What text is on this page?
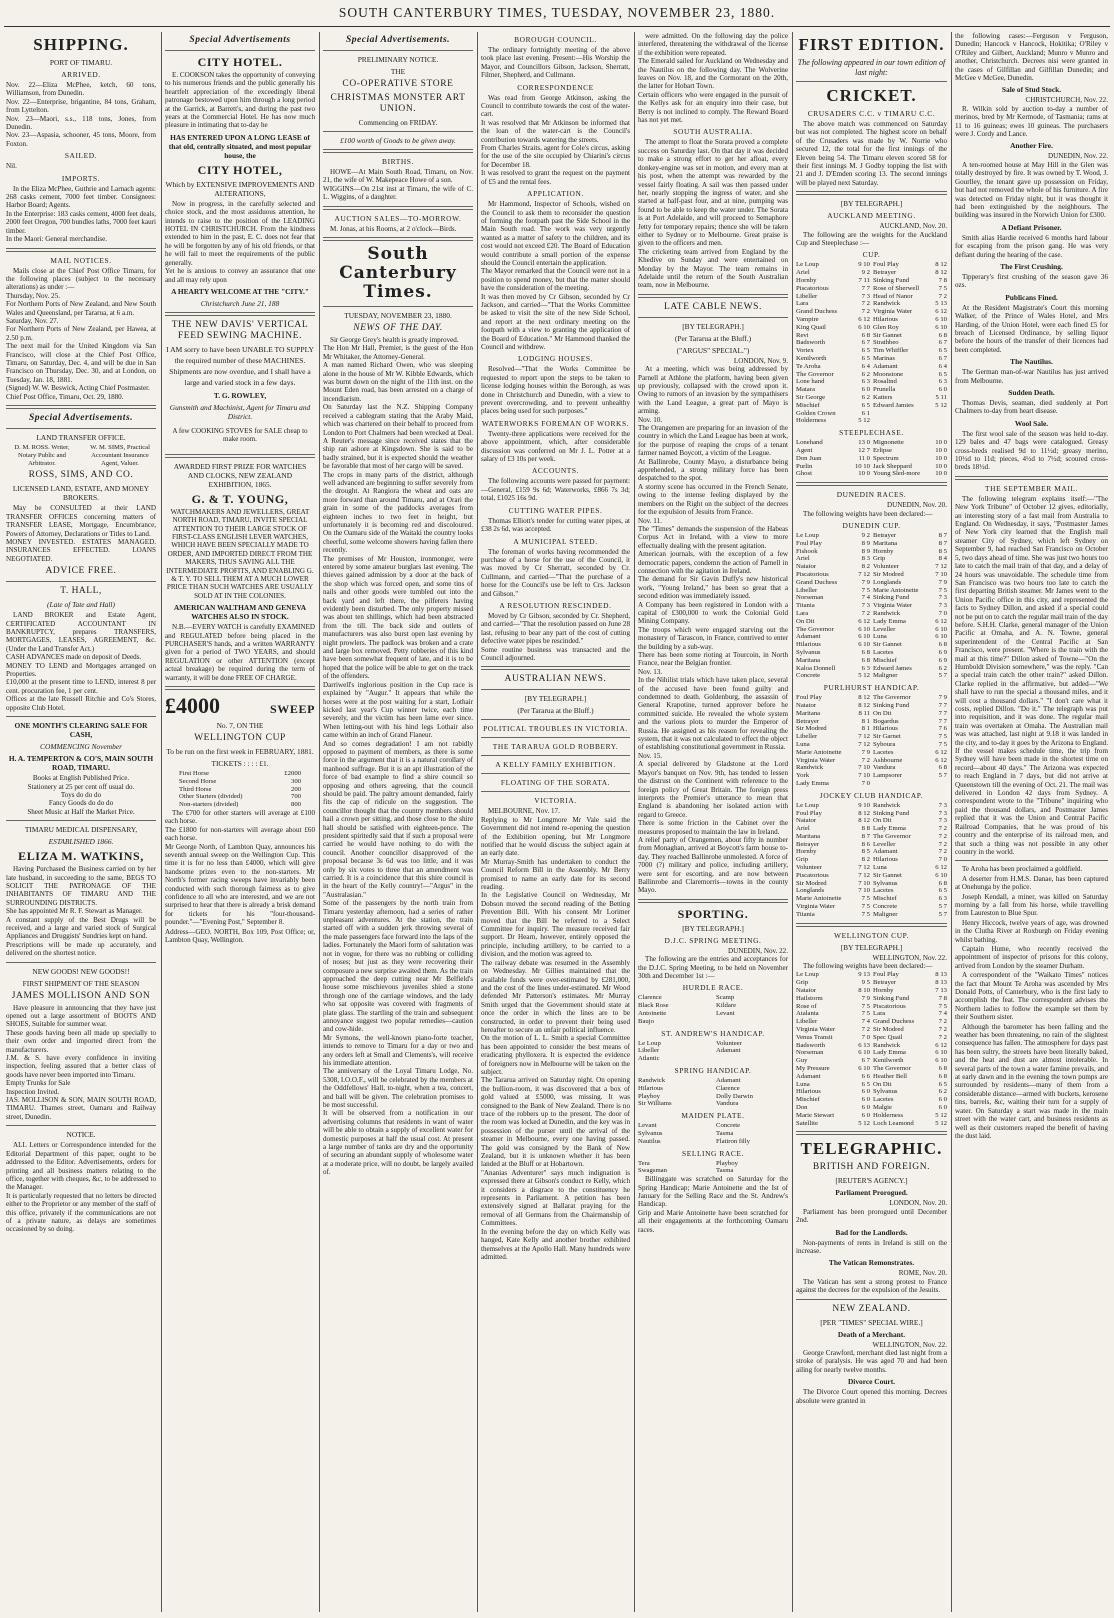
SOUTH CANTERBURY TIMES, TUESDAY, NOVEMBER 23, 1880.
SHIPPING.
PORT OF TIMARU.
ARRIVED.

Nov. 22—Eliza McPhee, ketch, 60 tons, Williamson, from Dunedin.
Nov. 22—Enterprise, brigantine, 84 tons, Graham, from Lyttelton.
Nov. 23—Maori, s.s., 118 tons, Jones, from Dunedin.
Nov. 23—Aspasia, schooner, 45 tons, Moore, from Foxton.

SAILED.

Nil.

IMPORTS.

In the Eliza McPhee, Guthrie and Larnach agents: 268 casks cement, 7000 feet timber. Consignees: Harbor Board; Agents.
In the Enterprise: 183 casks cement, 4000 feet deals, 2000 feet Oregon, 700 bundles laths, 7000 feet kauri timber.
In the Maori: General merchandise.

MAIL NOTICES.

Mails close at the Chief Post Office Timaru, for the following places (subject to the necessary alterations) as under :—
Thursday, Nov. 25.
For Northern Ports of New Zealand, and New South Wales and Queensland, per Tararua, at 6 a.m.
Saturday, Nov. 27.
For Northern Ports of New Zealand, per Hawea, at 2.50 p.m.
The next mail for the United Kingdom via San Francisco, will close at the Chief Post Office, Timaru, on Saturday, Dec. 4, and will be due in San Francisco on Thursday, Dec. 30, and at London, on Tuesday, Jan. 18, 1881.
(Signed) W. W. Beswick, Acting Chief Postmaster.
Chief Post Office, Timaru, Oct. 29, 1880.

Special Advertisements.
LAND TRANSFER OFFICE.
D. M. ROSS. Writer, Notary Public and Arbitrator.
W. M. SIMS, Practical Accountant Insurance Agent, Valuer.
ROSS, SIMS, AND CO.
LICENSED LAND, ESTATE, AND MONEY BROKERS.

May be CONSULTED at their LAND TRANSFER OFFICES concerning matters of TRANSFER LEASE, Mortgage, Encumbrance, Powers of Attorney, Declarations or Titles to Land.
MONEY INVESTED. ESTATES MANAGED. INSURANCES EFFECTED. LOANS NEGOTIATED.

ADVICE FREE.
T. HALL,
(Late of Tate and Hall)

LAND BROKER and Estate Agent, CERTIFICATED ACCOUNTANT IN BANKRUPTCY, prepares TRANSFERS, MORTGAGES, LEASES, AGREEMENT, &c. (Under the Land Transfer Act.)
CASH ADVANCES made on deposit of Deeds.
MONEY TO LEND and Mortgages arranged on Properties.
£10,000 at the present time to LEND, interest 8 per cent. procuration fee, 1 per cent.
Offices at the late Russell Ritchie and Co's Stores, opposite Club Hotel.

ONE MONTH'S CLEARING SALE FOR CASH,
COMMENCING November
H. A. TEMPERTON & CO'S, MAIN SOUTH ROAD, TIMARU.

Books at English Published Price.
Stationery at 25 per cent off usual do.
Toys do do do
Fancy Goods do do do
Sheet Music at Half the Market Price.

TIMARU MEDICAL DISPENSARY,
ESTABLISHED 1866.
ELIZA M. WATKINS,

Having Purchased the Business carried on by her late husband, in succeeding to the same, BEGS TO SOLICIT THE PATRONAGE OF THE INHABITANTS OF TIMARU AND THE SURROUNDING DISTRICTS.
She has appointed Mr R. F. Stewart as Manager.
A constant supply of the Best Drugs will be received, and a large and varied stock of Surgical Appliances and Druggists' Sundries kept on hand.
Prescriptions will be made up accurately, and delivered on the shortest notice.

NEW GOODS! NEW GOODS!!
FIRST SHIPMENT OF THE SEASON
JAMES MOLLISON AND SON

Have pleasure in announcing that they have just opened out a large assortment of BOOTS AND SHOES, Suitable for summer wear.
These goods having been all made up specially to their own order and imported direct from the manufacturers.
J.M. & S. have every confidence in inviting inspection, feeling assured that a better class of goods have never been imported into Timaru.
Empty Trunks for Sale
Inspection Invited.
JAS. MOLLISON & SON, MAIN SOUTH ROAD, TIMARU. Thames street, Oamaru and Railway street, Dunedin.

NOTICE.

ALL Letters or Correspondence intended for the Editorial Department of this paper, ought to be addressed to the Editor. Advertisements, orders for printing and all business matters relating to the office, together with cheques, &c, to be addressed to the Manager.
It is particularly requested that no letters be directed either to the Proprietor or any member of the staff of this office, privately if the communications are not of a private nature, as delays are sometimes occasioned by so doing.

Special Advertisements
CITY HOTEL.

E. COOKSON takes the opportunity of conveying to his numerous friends and the public generally his heartfelt appreciation of the exceedingly liberal patronage bestowed upon him through a long period at the Garrick, at Barrett's, and during the past two years at the Commercial Hotel. He has now much pleasure in intimating that to-day he

HAS ENTERED UPON A LONG LEASE of that old, centrally situated, and most popular house, the
CITY HOTEL,
Which by EXTENSIVE IMPROVEMENTS AND ALTERATIONS,

Now in progress, in the carefully selected and choice stock, and the most assiduous attention, he intends to raise to the position of the LEADING HOTEL IN CHRISTCHURCH. From the kindness extended to him in the past, E. C. does not fear that he will be forgotten by any of his old friends, or that he will fail to meet the requirements of the public generally.
Yet he is anxious to convey an assurance that one and all may rely upon

A HEARTY WELCOME AT THE "CITY."
Christchurch June 21, 188
THE NEW DAVIS' VERTICAL FEED SEWING MACHINE.

I AM sorry to have been UNABLE TO SUPPLY the required number of these MACHINES. Shipments are now overdue, and I shall have a large and varied stock in a few days.

T. G. ROWLEY,
Gunsmith and Machinist, Agent for Timaru and District.

A few COOKING STOVES for SALE cheap to make room.

AWARDED FIRST PRIZE FOR WATCHES AND CLOCKS, NEW ZEALAND EXHIBITION, 1865.
G. & T. YOUNG,

WATCHMAKERS AND JEWELLERS, GREAT NORTH ROAD, TIMARU, INVITE SPECIAL ATTENTION TO THEIR LARGE STOCK OF FIRST-CLASS ENGLISH LEVER WATCHES, WHICH HAVE BEEN SPECIALLY MADE TO ORDER, AND IMPORTED DIRECT FROM THE MAKERS, THUS SAVING ALL THE INTERMEDIATE PROFITS, AND ENABLING G. & T. Y. TO SELL THEM AT A MUCH LOWER PRICE THAN SUCH WATCHES ARE USUALLY SOLD AT IN THE COLONIES.

AMERICAN WALTHAM AND GENEVA WATCHES ALSO IN STOCK.

N.B.—EVERY WATCH is carefully EXAMINED and REGULATED before being placed in the PURCHASER'S hands, and a written WARRANTY given for a period of TWO YEARS, and should REGULATION or other ATTENTION (except actual breakage) be required during the term of warranty, it will be done FREE OF CHARGE.

£4000	SWEEP
No. 7, ON THE
WELLINGTON CUP
To be run on the first week in FEBRUARY, 1881.
TICKETS : : : : £1.
First Horse	£2000
Second Horse	300
Third Horse	200
Other Starters (divided)	700
Non-starters (divided)	800

The £700 for other starters will average at £100 each horse.
The £1800 for non-starters will average about £60 each horse.
Mr George North, of Lambton Quay, announces his seventh annual sweep on the Wellington Cup. This time it is for no less than £4000, which will give handsome prizes even to the non-starters. Mr North's former racing sweeps have invariably been conducted with such thorough fairness as to give confidence to all who are interested, and we are not surprised to hear that there is already a brisk demand for tickets for his "four-thousand-pounder."—"Evening Post," September 8.

Address—GEO. NORTH, Box 109, Post Office; or, Lambton Quay, Wellington.

Special Advertisements.
PRELIMINARY NOTICE.
THE
CO-OPERATIVE STORE
CHRISTMAS MONSTER ART UNION.
Commencing on FRIDAY.
£100 worth of Goods to be given away.
BIRTHS.

HOWE—At Main South Road, Timaru, on Nov. 21, the wife of W. Makepeace Howe of a son.
WIGGINS—On 21st inst at Timaru, the wife of C. L. Wiggins, of a daughter.

AUCTION SALES—TO-MORROW.

M. Jonas, at his Rooms, at 2 o'clock—Birds.

South Canterbury Times.
TUESDAY, NOVEMBER 23, 1880.
NEWS OF THE DAY.

Sir George Grey's health is greatly improved.
The Hon Mr Hall, Premier, is the guest of the Hon Mr Whitaker, the Attorney-General.
A man named Richard Owen, who was sleeping alone in the house of Mr W. Kibble Edwards, which was burnt down on the night of the 11th inst. on the Mount Eden road, has been arrested on a charge of incendiarism.
On Saturday last the N.Z. Shipping Company received a cablegram stating that the Araby Maid, which was chartered on their behalf to proceed from London to Port Chalmers had been wrecked at Deal. A Reuter's message since received states that the ship ran ashore at Kingsdown. She is said to be badly strained, but it is expected should the weather be favorable that most of her cargo will be saved.
The crops in many parts of the district, although well advanced are beginning to suffer severely from the drought. At Rangiora the wheat and oats are more forward than around Timaru, and at Orari the grain in some of the paddocks averages from eighteen inches to two feet in height, but unfortunately it is becoming red and discoloured. On the Oamaru side of the Waitaki the country looks cheerful, some welcome showers having fallen there recently.
The premises of Mr Houston, ironmonger, were entered by some amateur burglars last evening. The thieves gained admission by a door at the back of the shop which was forced open, and some tins of nails and other goods were tumbled out into the back yard and left there, the pilferers having evidently been disturbed. The only property missed was about ten shillings, which had been abstracted from the till. The back side and outlets of manufacturers was also burst open last evening by night prowlers. The padlock was broken and a crate and large box removed. Petty robberies of this kind have been somewhat frequent of late, and it is to be hoped that the police will be able to get on the track of the offenders.
Darriwell's inglorious position in the Cup race is explained by "Augur." It appears that while the horses were at the post waiting for a start, Lothair kicked last year's Cup winner twice, each time severely, and the victim has been lame ever since. When letting-out with his hind legs Lothair also came within an inch of Grand Flaneur.
And so comes degradation! I am not rabidly opposed to payment of members, as there is some force in the argument that it is a natural corollary of manhood suffrage. But it is an apt illustration of the force of bad example to find a shire council so opposing and others agreeing, that the council should be paid. The paltry amount demanded, fairly fits the cap of ridicule on the suggestion. The councillor thought that the country members should hail a crown per sitting, and those close to the shire hall should be satisfied with eighteen-pence. The president spiritedly said that if such a proposal were carried he would have nothing to do with the council. Another councillor disapproved of the proposal because 3s 6d was too little, and it was only by six votes to three that an amendment was carried. It is a coincidence that this shire council is in the heart of the Kelly country!—"Argus" in the "Australasian."
Some of the passengers by the north train from Timaru yesterday afternoon, had a series of rather unpleasant adventures. At the station, the train started off with a sudden jerk throwing several of the male passengers face forward into the laps of the ladies. Fortunately the Maori form of salutation was not in vogue, for there was no rubbing or colliding of noses; but just as they were recovering their composure a new surprise awaited them. As the train approached the deep cutting near Mr Belfield's house some mischievous juveniles shied a stone through one of the carriage windows, and the lady who sat opposite was covered with fragments of plate glass. The startling of the train and subsequent annoyance suggest two popular remedies—caution and cow-hide.
Mr Symons, the well-known piano-forte teacher, intends to remove to Timaru for a day or two and any orders left at Small and Clements's, will receive his immediate attention.
The anniversary of the Loyal Timaru Lodge, No. 5308, I.O.O.F., will be celebrated by the members at the Oddfellows' Hall, to-night, when a tea, concert, and ball will be given. The celebration promises to be most successful.
It will be observed from a notification in our advertising columns that residents in want of water will be able to obtain a supply of excellent water for domestic purposes at half the usual cost. At present a large number of tanks are dry and the opportunity of securing an abundant supply of wholesome water at a moderate price, will no doubt, be largely availed of.

BOROUGH COUNCIL.

The ordinary fortnightly meeting of the above took place last evening. Present:—His Worship the Mayor, and Councillors Gibson, Jackson, Sherratt, Filmer, Shepherd, and Cullmann.

CORRESPONDENCE

Was read from George Atkinson, asking the Council to contribute towards the cost of the water-cart.
It was resolved that Mr Atkinson be informed that the loan of the water-cart is the Council's contribution towards watering the streets.
From Charles Straits, agent for Cole's circus, asking for the use of the site occupied by Chiarini's circus for December 18.
It was resolved to grant the request on the payment of £5 and the rental fees.

APPLICATION.

Mr Hammond, Inspector of Schools, wished on the Council to ask them to reconsider the question of forming the footpath past the Side School in the Main South road. The work was very urgently wanted as a matter of safety to the children, and its cost would not exceed £20. The Board of Education would contribute a small portion of the expense should the Council entertain the application.
The Mayor remarked that the Council were not in a position to spend money, but that the matter should have the consideration of the meeting.
It was then moved by Cr Gibson, seconded by Cr Jackson, and carried—"That the Works Committee be asked to visit the site of the new Side School, and report at the next ordinary meeting on the footpath with a view to granting the application of the Board of Education." Mr Hammond thanked the Council and withdrew.

LODGING HOUSES.

Resolved—"That the Works Committee be requested to report upon the steps to be taken to license lodging houses within the Borough, as was done in Christchurch and Dunedin, with a view to prevent overcrowding, and to prevent unhealthy places being used for such purposes."

WATERWORKS FOREMAN OF WORKS.

Twenty-three applications were received for the above appointment, which, after considerable discussion was conferred on Mr J. L. Potter at a salary of £3 10s per week.

ACCOUNTS.

The following accounts were passed for payment:—General, £159 9s 6d; Waterworks, £866 7s 3d; total, £1025 16s 9d.

CUTTING WATER PIPES.

Thomas Elliott's tender for cutting water pipes, at £38 2s 6d, was accepted.

A MUNICIPAL STEED.

The foreman of works having recommended the purchase of a horse for the use of the Council, it was moved by Cr Sherratt, seconded by Cr. Cullmann, and carried—"That the purchase of a horse for the Council's use be left to Crs. Jackson and Gibson."

A RESOLUTION RESCINDED.

Moved by Cr Gibson, seconded by Cr. Shepherd, and carried—"That the resolution passed on June 28 last, refusing to bear any part of the cost of cutting defective water pipes be rescinded."
Some routine business was transacted and the Council adjourned.

AUSTRALIAN NEWS.
[BY TELEGRAPH.]
(Per Tararua at the Bluff.)
POLITICAL TROUBLES IN VICTORIA.
THE TARARUA GOLD ROBBERY.
A KELLY FAMILY EXHIBITION.
FLOATING OF THE SORATA.
VICTORIA.

MELBOURNE, Nov. 17.
Replying to Mr Longmore Mr Vale said the Government did not intend re-opening the question of the Exhibition opening, but Mr Longmore notified that he would discuss the subject again at an early date.
Mr Murray-Smith has undertaken to conduct the Council Reform Bill in the Assembly. Mr Berry promised to name an early date for its second reading.
In the Legislative Council on Wednesday, Mr Dobson moved the second reading of the Betting Prevention Bill. With his consent Mr Lorimer moved that the Bill be referred to a Select Committee for inquiry. The measure received fair support. Dr Hearn, however, entirely opposed the principle, including artillery, to be carried to a division, and the motion was agreed to.
The railway debate was resumed in the Assembly on Wednesday. Mr Gillies maintained that the available funds were over-estimated by £281,000, and the cost of the lines under-estimated. Mr Wood defended Mr Patterson's estimates. Mr Murray Smith urged that the Government should state at once the order in which the lines are to be constructed, in order to prevent their being used hereafter to secure an unfair political influence.
On the motion of L. L. Smith a special Committee has been appointed to consider the best means of eradicating phylloxera. It is expected the evidence of foreigners now in Melbourne will be taken on the subject.
The Tararua arrived on Saturday night. On opening the bullion-room, it was discovered that a box of gold valued at £5000, was missing. It was consigned to the Bank of New Zealand. There is no trace of the robbers up to the present. The door of the room was locked at Dunedin, and the key was in possession of the purser until the arrival of the steamer in Melbourne, every one having passed. The gold was consigned by the Bank of New Zealand, but it is unknown whether it has been landed at the Bluff or at Hobartown.
"Ananias Adventurer" says much indignation is expressed there at Gibson's conduct re Kelly, which it considers a disgrace to the constituency he represents in Parliament. A petition has been extensively signed at Ballarat praying for the removal of all Germans from the Chairmanship of Committees.
In the evening before the day on which Kelly was hanged, Kate Kelly and another brother exhibited themselves at the Apollo Hall. Many hundreds were admitted.

were admitted. On the following day the police interfered, threatening the withdrawal of the license if the exhibition were repeated.
The Emerald sailed for Auckland on Wednesday and the Nautilus on the following day. The Wolverine leaves on Nov. 18, and the Cormorant on the 20th, the latter for Hobart Town.
Certain officers who were engaged in the pursuit of the Kellys ask for an enquiry into their case, but Berry is not inclined to comply. The Reward Board has not yet met.

SOUTH AUSTRALIA.

The attempt to float the Sorata proved a complete success on Saturday last. On that day it was decided to make a strong effort to get her afloat, every donkey-engine was set in motion, and every man at his post, when the attempt was rewarded by the vessel fairly floating. A sail was then passed under her, nearly stopping the ingress of water, and she started at half-past four, and at nine, pumping was found to be able to keep the water under. The Sorata is at Port Adelaide, and will proceed to Semaphore Jetty for temporary repairs; thence she will be taken either to Sydney or to Melbourne. Great praise is given to the officers and men.
The cricketing team arrived from England by the Khedive on Sunday and were entertained on Monday by the Mayor. The team remains in Adelaide until the return of the South Australian team, now in Melbourne.

LATE CABLE NEWS.
[BY TELEGRAPH.]
(Per Tararua at the Bluff.)
("ARGUS" SPECIAL.")
LONDON, Nov. 9.

At a meeting, which was being addressed by Parnell at Athlone the platform, having been given up previously, collapsed with the crowd upon it. Owing to rumors of an invasion by the sympathisers with the Land League, a great part of Mayo is arming.
Nov. 10.
The Orangemen are preparing for an invasion of the country in which the Land League has been at work, for the purpose of reaping the crops of a tenant farmer named Boycott, a victim of the League.
At Ballinrobe, County Mayo, a disturbance being apprehended, a strong military force has been despatched to the spot.
A stormy scene has occurred in the French Senate, owing to the intense feeling displayed by the members on the Right on the subject of the decrees for the expulsion of Jesuits from France.
Nov. 11.
The "Times" demands the suspension of the Habeas Corpus Act in Ireland, with a view to more effectually dealing with the present agitation.
American journals, with the exception of a few democratic papers, condemn the action of Parnell in connection with the agitation in Ireland.
The demand for Sir Gavin Duffy's new historical work, "Young Ireland," has been so great that a second edition was immediately issued.
A Company has been registered in London with a capital of £300,000 to work the Colonial Gold Mining Company.
The troops which were engaged starving out the monastery of Tarascon, in France, contrived to enter the building by a sub-way.
There has been some rioting at Tourcoin, in North France, near the Belgian frontier.
Nov. 13.
In the Nihilist trials which have taken place, several of the accused have been found guilty and condemned to death. Goldenburg, the assassin of General Krapotine, turned approver before he committed suicide. He revealed the whole system and the various plots to murder the Emperor of Russia. He assigned as his reason for revealing the system, that it was not calculated to effect the object of establishing constitutional government in Russia.
Nov. 15.
A special delivered by Gladstone at the Lord Mayor's banquet on Nov. 9th, has tended to lessen the distrust on the Continent with reference to the foreign policy of Great Britain. The foreign press interprets the Premier's utterance to mean that England is abandoning her isolated action with regard to Greece.
There is some friction in the Cabinet over the measures proposed to maintain the law in Ireland.
A relief party of Orangemen, about fifty in number from Monaghan, arrived at Boycott's farm house to-day. They reached Ballinrobe unmolested. A force of 7000 (?) military and police, including artillery, were sent for escorting, and are now between Ballinrobe and Claremorris—towns in the county Mayo.

SPORTING.
[BY TELEGRAPH.]
D.J.C. SPRING MEETING.
DUNEDIN, Nov. 22.

The following are the entries and acceptances for the D.J.C. Spring Meeting, to be held on November 30th and December 1st :—

HURDLE RACE.
Clarence	Scamp
Black Rose	Kildare
Antoinette	Levant
Baujo
ST. ANDREW'S HANDICAP.
Le Loup	Volunteer
Libeller	Adamant
Atlantic
SPRING HANDICAP.
Randwick	Adamant
Hilarious	Clarence
Playboy	Dolly Darwin
Sir Williams	Vandura
MAIDEN PLATE.
Levant	Concrete
Sylvanus	Tasma
Nautilus	Flatiron filly
SELLING RACE.
Tera	Playboy
Swagsman	Tasma

Billinggate was scratched on Saturday for the Spring Handicap; Marie Antoinette and the Ist of January for the Selling Race and the St. Andrew's Handicap.
Grip and Marie Antoinette have been scratched for all their engagements at the forthcoming Oamaru races.

FIRST EDITION.
The following appeared in our town edition of last night:
CRICKET.
CRUSADERS C.C. v TIMARU C.C.

The above match was commenced on Saturday but was not completed. The highest score on behalf of the Crusaders was made by W. Norrie who secured 12, the total for the first innings of the Eleven being 54. The Timaru eleven scored 58 for their first innings M. J Godby topping the list with 21 and J. D'Emden scoring 13. The second innings will be played next Saturday.

[BY TELEGRAPH.]
AUCKLAND MEETING.
AUCKLAND, Nov. 20.

The following are the weights for the Auckland Cup and Steeplechase :—

CUP.
Le Loup	9 10 Foul Play	8 12
Ariel	9 2 Betrayer	8 12
Hornby	7 11 Sinking Fund	7 8
Piscatorious	7 7 Rose of Sherwell	7 5
Libeller	7 3 Head of Nanor	7 2
Lara	7 2 Randwick	5 13
Grand Duchess	7 2 Virginia Water	6 12
Vampire	6 12 Hilarious	6 10
King Quail	6 10 Glen Roy	6 10
Revi	6 8 Sir Gannet	6 8
Badsworth	6 7 Strathbeo	6 7
Vortex	6 5 Tim Whiffler	6 5
Kenilworth	6 5 Marinas	6 7
Te Aroha	6 4 Adamant	6 4
The Governor	6 2 Moonstone	6 5
Lone hand	6 3 Rosalind	6 3
Matara	6 0 Prunella	6 0
Sir George	6 2 Katters	5 11
Mischief	6 5 Edward Jamies	5 12
Golden Crown	6 1
Holderness	5 12
STEEPLECHASE.
Lonehand	13 0 Mignonette	10 0
Agent	12 7 Erlipse	10 0
Don Juan	11 0 Spectrum	10 0
Purlin	10 10 Jack Sheppard	10 0
Ghost	10 0 Young Sled-more 10 0
DUNEDIN RACES.
DUNEDIN, Nov. 20.

The following weights have been declared:—

DUNEDIN CUP.
Le Loup	9 2 Betrayer	8 7
Foul Play	8 9 Maritana	8 7
Fishook	8 9 Hornby	8 5
Ariel	8 3 Grip	8 4
Natator	8 2 Volunteer	7 12
Piscatorious	7 12 Sir Modred	7 10
Grand Duchess	7 9 Longlands	7 9
Libeller	7 5 Marie Antoinette	7 5
Norseman	7 4 Sinking Fund	7 3
Titania	7 3 Virginia Water	7 3
Lara	7 2 Randwick	7 0
On Dit	6 12 Lady Emma	6 12
The Governor	6 10 Leveller	6 10
Adamant	6 10 Luna	6 10
Hilarious	6 10 Sir Gannet	6 8
Sylvanus	6 8 Lacetes	6 9
Maritana	6 8 Mischief	6 9
Kaloa Donnell	6 3 Edward James	6 2
Concrete	5 12 Maligner	5 7
PURLHURST HANDICAP.
Foul Play	8 12 The Governor	7 9
Natator	8 12 Sinking Fund	7 7
Maritana	8 11 On Dit	7 7
Betrayer	8 1 Bogardus	7 7
Sir Modred	8 1 Hilarious	7 6
Libeller	7 12 Sir Garnet	7 5
Luna	7 12 Syboura	7 5
Marie Antoinette	7 9 Lacetes	6 12
Virginia Water	7 2 Ashbourne	6 12
Randwick	7 10 Vandura	6 8
York	7 10 Lampsorer	5 7
Lady Emma	7 0
JOCKEY CLUB HANDICAP.
Le Loup	9 10 Randwick	7 3
Foul Play	8 12 Sinking Fund	7 3
Natator	8 12 On Dit	7 3
Ariel	8 8 Lady Emma	7 2
Maritana	8 7 The Governor	7 2
Betrayer	8 6 Leveller	7 2
Hornby	8 5 Adamant	7 2
Grip	8 2 Hilarious	7 0
Volunteer	7 12 Luna	6 12
Piscatorious	7 12 Sir Gannet	6 10
Sir Modred	7 10 Sylvanus	6 8
Longlands	7 10 Lacetes	6 5
Marie Antoinette	7 5 Mischief	6 3
Virginia Water	7 5 Concrete	5 7
Titania	7 5 Maligner	5 7
WELLINGTON CUP.
[BY TELEGRAPH.]
WELLINGTON, Nov. 22.

The following weights have been declared:—

Le Loup	9 13 Foul Play	8 13
Grip	9 5 Betrayer	8 13
Natator	8 10 Hornby	7 13
Hailstorm	7 9 Sinking Fund	7 8
Rose of	7 5 Piscatorious	7 5
Atalanta	7 5 Lara	7 4
Libeller	7 4 Grand Duchess	7 2
Virginia Water	7 2 Sir Modred	7 2
Venus Transit	7 0 Spec Quail	7 2
Badsworth	6 13 Randwick	6 12
Norseman	6 10 Lady Emma	6 10
Guy	6 7 Kenilworth	6 10
My Pressure	6 10 The Governor	6 8
Adamant	6 6 Heather Bell	6 8
Luna	6 5 On Dit	6 5
Hilarious	6 0 Sylvanus	6 2
Mischief	6 0 Lacetes	6 0
Don	6 0 Malgie	6 0
Marie Stewart	6 0 Holderness	5 12
Satellite	5 12 Loch Leamond	5 12
TELEGRAPHIC.
BRITISH AND FOREIGN.
[REUTER'S AGENCY.]
Parliament Prorogued.
LONDON, Nov. 20.

Parliament has been prorogued until December 2nd.

Bad for the Landlords.

Non-payments of rents in Ireland is still on the increase.

The Vatican Remonstrates.
ROME, Nov. 20.

The Vatican has sent a strong protest to France against the decrees for the expulsion of the Jesuits.

NEW ZEALAND.
[PER "TIMES" SPECIAL WIRE.]
Death of a Merchant.
WELLINGTON, Nov. 22.

George Crawford, merchant died last night from a stroke of paralysis. He was aged 70 and had been ailing for nearly twelve months.

Divorce Court.

The Divorce Court opened this morning. Decrees absolute were granted in

the following cases:—Ferguson v Ferguson, Dunedin; Hancock v Hancock, Hokitika; O'Riley v O'Riley and Gilbert, Auckland; Munro v Munro and another, Christchurch. Decrees nisi were granted in the cases of Gilfillan and Gilfillan Dunedin; and McGee v McGee, Dunedin.

Sale of Stud Stock.
CHRISTCHURCH, Nov. 22.

R. Wilkin sold by auction to-day a number of merinos, bred by Mr Kermode, of Tasmania; rams at 11 to 16 guineas; ewes 10 guineas. The purchasers were J. Cordy and Lance.

Another Fire.
DUNEDIN, Nov. 22.

A ten-roomed house at May Hill in the Glen was totally destroyed by fire. It was owned by T. Wood, J. Gourlley, the tenant gave up possession on Friday, but had not removed the whole of his furniture. A fire was detected on Friday night, but it was thought it had been extinguished by the neighbours. The building was insured in the Norwich Union for £300.

A Defiant Prisoner.

Smith alias Hardie received 6 months hard labour for escaping from the prison gang. He was very defiant during the hearing of the case.

The First Crushing.

Tipperary's first crushing of the season gave 36 ozs.

Publicans Fined.

At the Resident Magistrate's Court this morning Walker, of the Prince of Wales Hotel, and Mrs Harding, of the Union Hotel, were each fined £5 for breach of Licensed Ordinance, by selling liquor before the hours of the transfer of their licences had been completed.

The Nautilus.

The German man-of-war Nautilus has just arrived from Melbourne.

Sudden Death.

Thomas Devis, seaman, died suddenly at Port Chalmers to-day from heart disease.

Wool Sale.

The first wool sale of the season was held to-day. 129 bales and 47 bags were catalogued. Greasy cross-breds realised 9d to 11½d; greasy merino, 10½d to 11d; pieces, 4½d to 7½d; scoured cross-breds 18½d.

THE SEPTEMBER MAIL.

The following telegram explains itself:—"The New York Tribune" of October 12 gives, editorially, an interesting story of a fast mail from Australia to England. On Wednesday, it says, "Postmaster James of New York city learned that the English mail steamer City of Sydney, which left Sydney on September 9, had reached San Francisco on October 5, two days ahead of time. She was just two hours too late to catch the mail train of that day, and a delay of 24 hours was unavoidable. The schedule time from San Francisco was two hours too late to catch the first departing British steamer. Mr James went to the Union Pacific office in this city, and represented the facts to Sydney Dillon, and asked if a special could not be put on to catch the regular mail train of the day before. S.H.H. Clarke, general manager of the Union Pacific at Omaha, and A. N. Towne, general superintendent of the Central Pacific at San Francisco, were present. "Where is the train with the mail at this time?" Dillon asked of Towne—"On the Humboldt Division somewhere," was the reply. "Can a special train catch the other train?" asked Dillon. Clarke replied in the affirmative, but added—"We shall have to run the special a thousand miles, and it will cost a thousand dollars." "I don't care what it costs, replied Dillon. "Do it." The telegraph was put into requisition, and it was done. The regular mail train was overtaken at Omaha. The Australian mail was was attached, last night at 9.18 it was landed in the city, and to-day it goes by the Arizona to England. If the vessel makes schedule time, the trip from Sydney will have been made in the shortest time on record—about 40 days." The Arizona was expected to reach England in 7 days, but did not arrive at Queenstown till the evening of Oct. 21. The mail was delivered in London 42 days from Sydney. A correspondent wrote to the "Tribune" inquiring who paid the thousand dollars, and Postmaster James replied that it was the Union and Central Pacific Railroad Companies, that he was proud of his country and the enterprise of its railroad men, and that such a thing was not possible in any other country in the world.

Te Aroha has been proclaimed a goldfield.

A deserter from H.M.S. Danae, has been captured at Onehunga by the police.

Joseph Kendall, a miner, was killed on Saturday morning by a fall from his horse, while travelling from Laureston to Blue Spur.

Henry Hiccock, twelve years of age, was drowned in the Clutha River at Roxburgh on Friday evening whilst bathing.

Captain Hume, who recently received the appointment of inspector of prisons for this colony, arrived from London by the steamer Durham.

A correspondent of the "Waikato Times" notices the fact that Mount Te Aroha was ascended by Mrs Donald Potts, of Canterbury, who is the first lady to accomplish the feat. The correspondent advises the Northern ladies to follow the example set them by their Southern sister.

Although the barometer has been falling and the weather has been threatening, no rain of the slightest consequence has fallen. The atmosphere for days past has been sultry, the streets have been literally baked, and the heat and dust are almost intolerable. In several parts of the town a water famine prevails, and at early dawn and in the evening the town pumps are surrounded by residents—many of them from a considerable distance—armed with buckets, kerosene tins, barrels, &c, waiting their turn for a supply of water. On Saturday a start was made in the main street with the water cart, and business residents as well as their customers reaped the benefit of having the dust laid.
